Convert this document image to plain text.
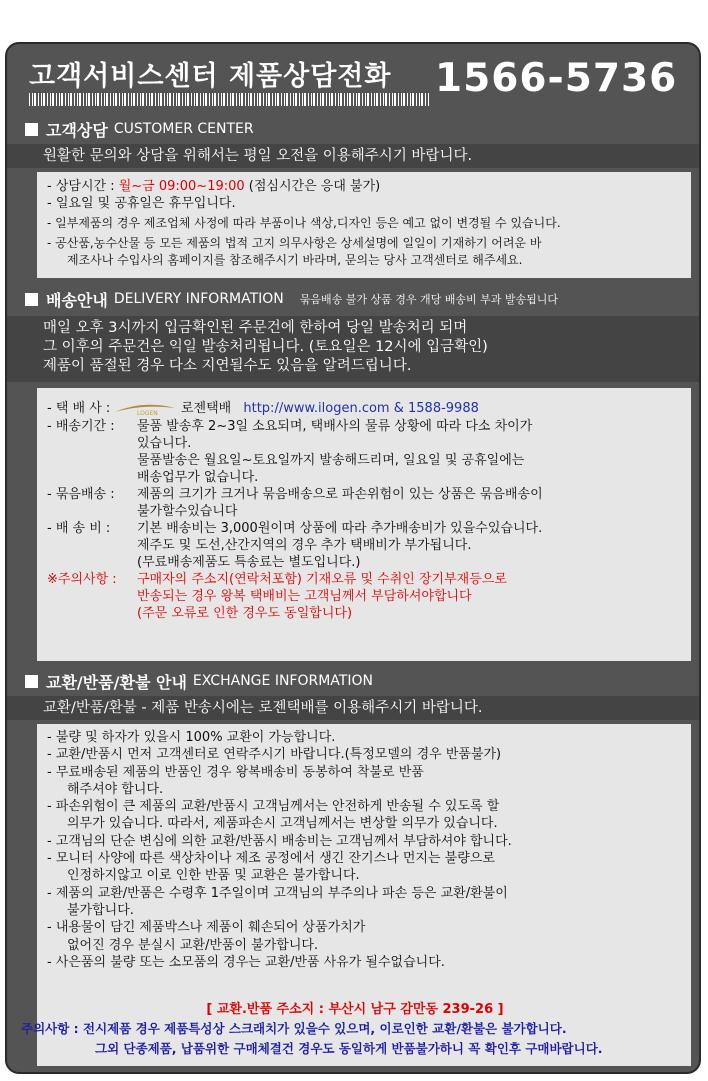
고객서비스센터 제품상담전화 1566-5736
고객상담 CUSTOMER CENTER
원활한 문의와 상담을 위해서는 평일 오전을 이용해주시기 바랍니다.

- 상담시간 : 월~금 09:00~19:00 (점심시간은 응대 불가)

- 일요일 및 공휴일은 휴무입니다.

- 일부제품의 경우 제조업체 사정에 따라 부품이나 색상,디자인 등은 예고 없이 변경될 수 있습니다.

- 공산품,농수산물 등 모든 제품의 법적 고지 의무사항은 상세설명에 일일이 기재하기 어려운 바

제조사나 수입사의 홈페이지를 참조해주시기 바라며, 문의는 당사 고객센터로 해주세요.

배송안내 DELIVERY INFORMATION 묶음배송 불가 상품 경우 개당 배송비 부과 발송됩니다
매일 오후 3시까지 입금확인된 주문건에 한하여 당일 발송처리 되며
그 이후의 주문건은 익일 발송처리됩니다. (토요일은 12시에 입금확인)
제품이 품절된 경우 다소 지연될수도 있음을 알려드립니다.
- 택 배 사 :	LOGEN 로젠택배 http://www.ilogen.com & 1588-9988
- 배송기간 :	물품 발송후 2~3일 소요되며, 택배사의 물류 상황에 따라 다소 차이가
있습니다.
물품발송은 월요일~토요일까지 발송해드리며, 일요일 및 공휴일에는
배송업무가 없습니다.
- 묶음배송 :	제품의 크기가 크거나 묶음배송으로 파손위험이 있는 상품은 묶음배송이
불가할수있습니다
- 배 송 비 :	기본 배송비는 3,000원이며 상품에 따라 추가배송비가 있을수있습니다.
제주도 및 도선,산간지역의 경우 추가 택배비가 부가됩니다.
(무료배송제품도 특송료는 별도입니다.)
※주의사항 :	구매자의 주소지(연락처포함) 기재오류 및 수취인 장기부재등으로
반송되는 경우 왕복 택배비는 고객님께서 부담하셔야합니다
(주문 오류로 인한 경우도 동일합니다)
교환/반품/환불 안내 EXCHANGE INFORMATION
교환/반품/환불 - 제품 반송시에는 로젠택배를 이용해주시기 바랍니다.

- 불량 및 하자가 있을시 100% 교환이 가능합니다.

- 교환/반품시 먼저 고객센터로 연락주시기 바랍니다.(특정모델의 경우 반품불가)

- 무료배송된 제품의 반품인 경우 왕복배송비 동봉하여 착불로 반품

해주셔야 합니다.

- 파손위험이 큰 제품의 교환/반품시 고객님께서는 안전하게 반송될 수 있도록 할

의무가 있습니다. 따라서, 제품파손시 고객님께서는 변상할 의무가 있습니다.

- 고객님의 단순 변심에 의한 교환/반품시 배송비는 고객님께서 부담하셔야 합니다.

- 모니터 사양에 따른 색상차이나 제조 공정에서 생긴 잔기스나 먼지는 불량으로

인정하지않고 이로 인한 반품 및 교환은 불가합니다.

- 제품의 교환/반품은 수령후 1주일이며 고객님의 부주의나 파손 등은 교환/환불이

불가합니다.

- 내용물이 담긴 제품박스나 제품이 훼손되어 상품가치가

없어진 경우 분실시 교환/반품이 불가합니다.

- 사은품의 불량 또는 소모품의 경우는 교환/반품 사유가 될수없습니다.

[ 교환.반품 주소지 : 부산시 남구 감만동 239-26 ]
주의사항 : 전시제품 경우 제품특성상 스크래치가 있을수 있으며, 이로인한 교환/환불은 불가합니다.
그외 단종제품, 납품위한 구매체결건 경우도 동일하게 반품불가하니 꼭 확인후 구매바랍니다.
